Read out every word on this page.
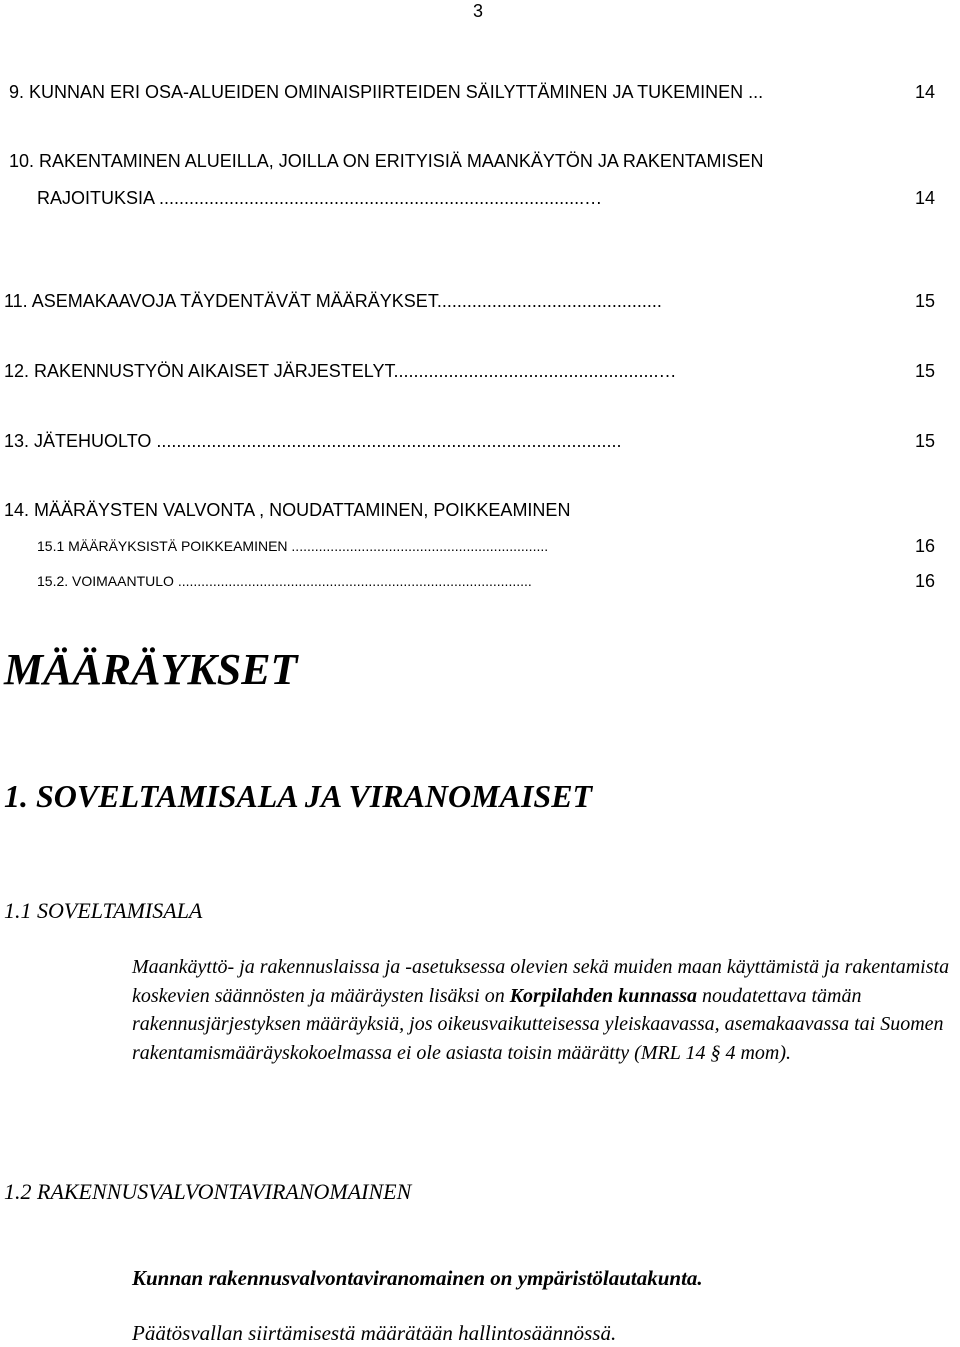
3
9. KUNNAN ERI OSA-ALUEIDEN OMINAISPIIRTEIDEN SÄILYTTÄMINEN JA TUKEMINEN ...	14
10. RAKENTAMINEN ALUEILLA, JOILLA ON ERITYISIÄ MAANKÄYTÖN JA RAKENTAMISEN
RAJOITUKSIA .....................................................................................…	14
11. ASEMAKAAVOJA TÄYDENTÄVÄT MÄÄRÄYKSET.............................................	15
12. RAKENNUSTYÖN AIKAISET JÄRJESTELYT.....................................................…	15
13. JÄTEHUOLTO .............................................................................................	15
14. MÄÄRÄYSTEN VALVONTA , NOUDATTAMINEN, POIKKEAMINEN
15.1 MÄÄRÄYKSISTÄ POIKKEAMINEN ..................................................................	16
15.2. VOIMAANTULO ...........................................................................................	16
MÄÄRÄYKSET
1. SOVELTAMISALA JA VIRANOMAISET
1.1 SOVELTAMISALA
Maankäyttö- ja rakennuslaissa ja -asetuksessa olevien sekä muiden maan käyttämistä ja rakentamista koskevien säännösten ja määräysten lisäksi on Korpilahden kunnassa noudatettava tämän rakennusjärjestyksen määräyksiä, jos oikeusvaikutteisessa yleiskaavassa, asemakaavassa tai Suomen rakentamismääräyskokoelmassa ei ole asiasta toisin määrätty (MRL 14 § 4 mom).
1.2 RAKENNUSVALVONTAVIRANOMAINEN
Kunnan rakennusvalvontaviranomainen on ympäristölautakunta.
Päätösvallan siirtämisestä määrätään hallintosäännössä.
